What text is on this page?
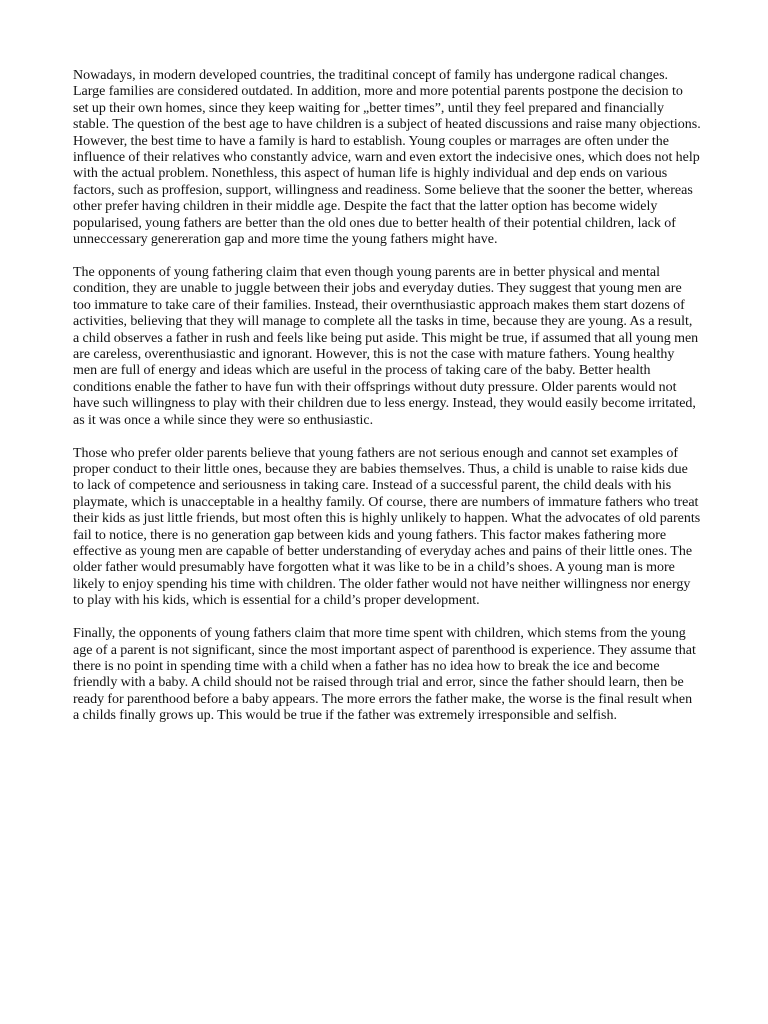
Nowadays, in modern developed countries, the traditinal concept of family has undergone radical changes. Large families are considered outdated. In addition, more and more potential parents postpone the decision to set up their own homes, since they keep waiting for „better times”, until they feel prepared and financially stable. The question of the best age to have children is a subject of heated discussions and raise many objections. However, the best time to have a family is hard to establish. Young couples or marrages are often under the influence of their relatives who constantly advice, warn and even extort the indecisive ones, which does not help with the actual problem. Nonethless, this aspect of human life is highly individual and dep ends on various factors, such as proffesion, support, willingness and readiness. Some believe that the sooner the better, whereas other prefer having children in their middle age. Despite the fact that the latter option has become widely popularised, young fathers are better than the old ones due to better health of their potential children, lack of unneccessary genereration gap and more time the young fathers might have.

The opponents of young fathering claim that even though young parents are in better physical and mental condition, they are unable to juggle between their jobs and everyday duties. They suggest that young men are too immature to take care of their families. Instead, their overnthusiastic approach makes them start dozens of activities, believing that they will manage to complete all the tasks in time, because they are young. As a result, a child observes a father in rush and feels like being put aside. This might be true, if assumed that all young men are careless, overenthusiastic and ignorant. However, this is not the case with mature fathers. Young healthy men are full of energy and ideas which are useful in the process of taking care of the baby. Better health conditions enable the father to have fun with their offsprings without duty pressure. Older parents would not have such willingness to play with their children due to less energy. Instead, they would easily become irritated, as it was once a while since they were so enthusiastic.

Those who prefer older parents believe that young fathers are not serious enough and cannot set examples of proper conduct to their little ones, because they are babies themselves. Thus, a child is unable to raise kids due to lack of competence and seriousness in taking care. Instead of a successful parent, the child deals with his playmate, which is unacceptable in a healthy family. Of course, there are numbers of immature fathers who treat their kids as just little friends, but most often this is highly unlikely to happen. What the advocates of old parents fail to notice, there is no generation gap between kids and young fathers. This factor makes fathering more effective as young men are capable of better understanding of everyday aches and pains of their little ones. The older father would presumably have forgotten what it was like to be in a child’s shoes. A young man is more likely to enjoy spending his time with children. The older father would not have neither willingness nor energy to play with his kids, which is essential for a child’s proper development.

Finally, the opponents of young fathers claim that more time spent with children, which stems from the young age of a parent is not significant, since the most important aspect of parenthood is experience. They assume that there is no point in spending time with a child when a father has no idea how to break the ice and become friendly with a baby. A child should not be raised through trial and error, since the father should learn, then be ready for parenthood before a baby appears. The more errors the father make, the worse is the final result when a childs finally grows up. This would be true if the father was extremely irresponsible and selfish.
